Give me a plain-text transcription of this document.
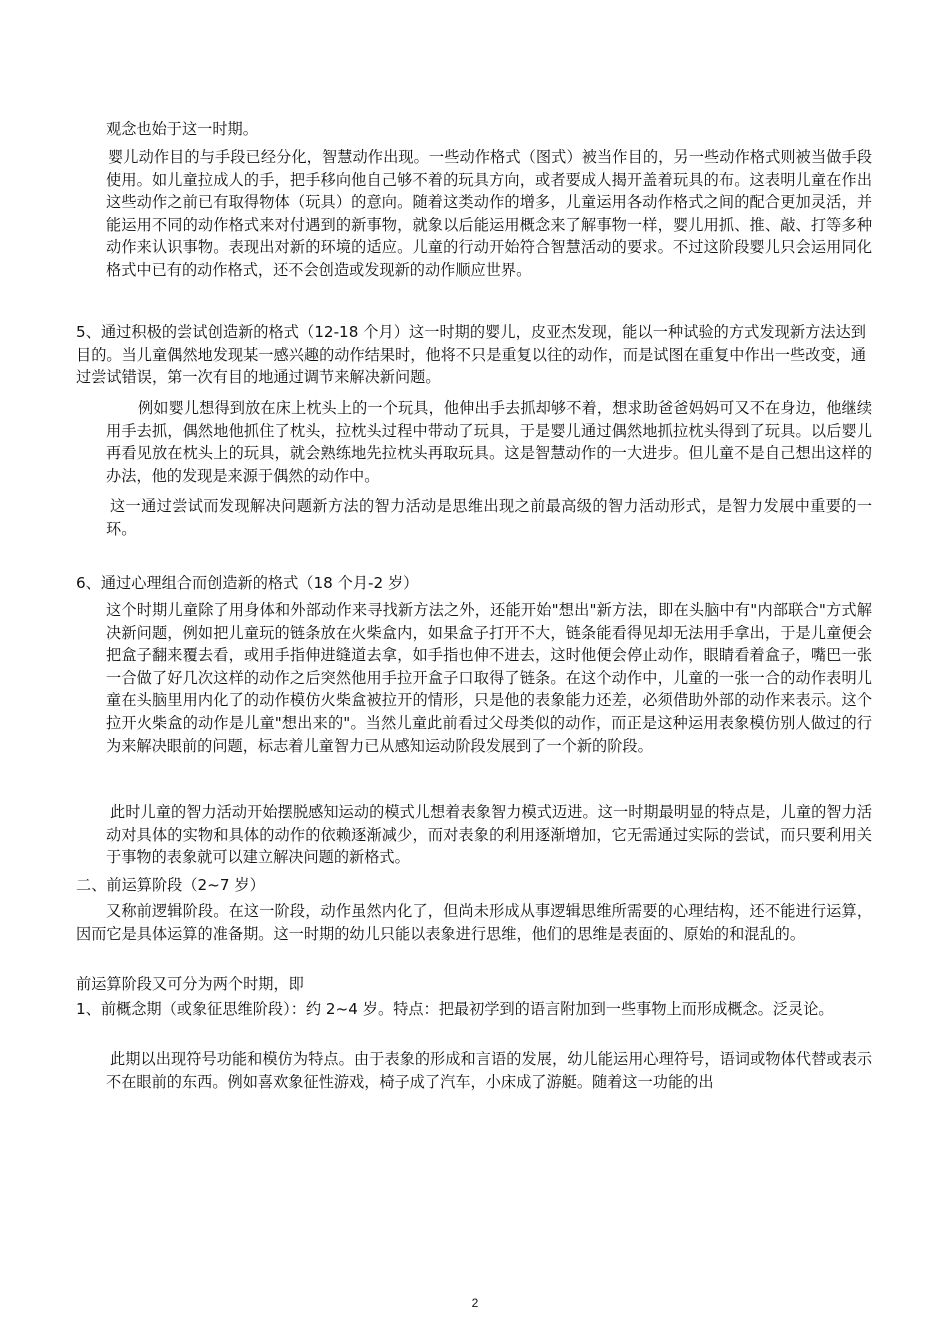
观念也始于这一时期。

婴儿动作目的与手段已经分化，智慧动作出现。一些动作格式（图式）被当作目的，另一些动作格式则被当做手段使用。如儿童拉成人的手，把手移向他自己够不着的玩具方向，或者要成人揭开盖着玩具的布。这表明儿童在作出这些动作之前已有取得物体（玩具）的意向。随着这类动作的增多，儿童运用各动作格式之间的配合更加灵活，并能运用不同的动作格式来对付遇到的新事物，就象以后能运用概念来了解事物一样，婴儿用抓、推、敲、打等多种动作来认识事物。表现出对新的环境的适应。儿童的行动开始符合智慧活动的要求。不过这阶段婴儿只会运用同化格式中已有的动作格式，还不会创造或发现新的动作顺应世界。

5、通过积极的尝试创造新的格式（12-18 个月）这一时期的婴儿，皮亚杰发现，能以一种试验的方式发现新方法达到目的。当儿童偶然地发现某一感兴趣的动作结果时，他将不只是重复以往的动作，而是试图在重复中作出一些改变，通过尝试错误，第一次有目的地通过调节来解决新问题。

例如婴儿想得到放在床上枕头上的一个玩具，他伸出手去抓却够不着，想求助爸爸妈妈可又不在身边，他继续用手去抓，偶然地他抓住了枕头，拉枕头过程中带动了玩具，于是婴儿通过偶然地抓拉枕头得到了玩具。以后婴儿再看见放在枕头上的玩具，就会熟练地先拉枕头再取玩具。这是智慧动作的一大进步。但儿童不是自己想出这样的办法，他的发现是来源于偶然的动作中。

这一通过尝试而发现解决问题新方法的智力活动是思维出现之前最高级的智力活动形式，是智力发展中重要的一环。

6、通过心理组合而创造新的格式（18 个月-2 岁）

这个时期儿童除了用身体和外部动作来寻找新方法之外，还能开始"想出"新方法，即在头脑中有"内部联合"方式解决新问题，例如把儿童玩的链条放在火柴盒内，如果盒子打开不大，链条能看得见却无法用手拿出，于是儿童便会把盒子翻来覆去看，或用手指伸进缝道去拿，如手指也伸不进去，这时他便会停止动作，眼睛看着盒子，嘴巴一张一合做了好几次这样的动作之后突然他用手拉开盒子口取得了链条。在这个动作中，儿童的一张一合的动作表明儿童在头脑里用内化了的动作模仿火柴盒被拉开的情形，只是他的表象能力还差，必须借助外部的动作来表示。这个拉开火柴盒的动作是儿童"想出来的"。当然儿童此前看过父母类似的动作，而正是这种运用表象模仿别人做过的行为来解决眼前的问题，标志着儿童智力已从感知运动阶段发展到了一个新的阶段。

此时儿童的智力活动开始摆脱感知运动的模式儿想着表象智力模式迈进。这一时期最明显的特点是，儿童的智力活动对具体的实物和具体的动作的依赖逐渐减少，而对表象的利用逐渐增加，它无需通过实际的尝试，而只要利用关于事物的表象就可以建立解决问题的新格式。

二、前运算阶段（2~7 岁）

又称前逻辑阶段。在这一阶段，动作虽然内化了，但尚未形成从事逻辑思维所需要的心理结构，还不能进行运算，因而它是具体运算的准备期。这一时期的幼儿只能以表象进行思维，他们的思维是表面的、原始的和混乱的。

前运算阶段又可分为两个时期，即

1、前概念期（或象征思维阶段）：约 2~4 岁。特点：把最初学到的语言附加到一些事物上而形成概念。泛灵论。

此期以出现符号功能和模仿为特点。由于表象的形成和言语的发展，幼儿能运用心理符号，语词或物体代替或表示不在眼前的东西。例如喜欢象征性游戏，椅子成了汽车，小床成了游艇。随着这一功能的出

2
